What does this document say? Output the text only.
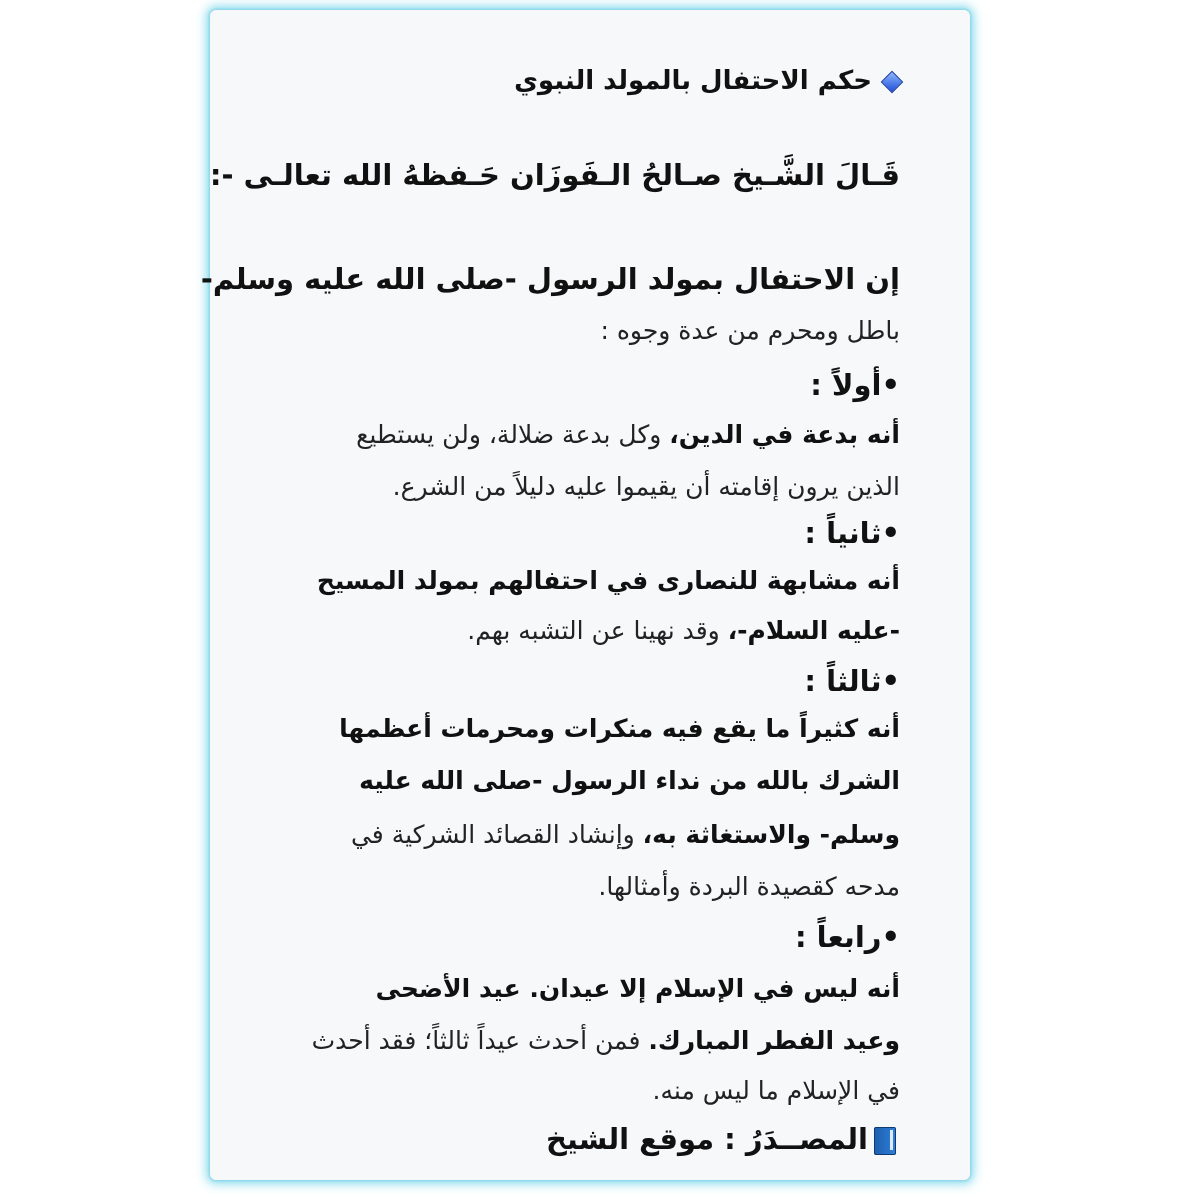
حكم الاحتفال بالمولد النبوي
قَـالَ الشَّـيخ صـالحُ الـفَوزَان حَـفظهُ الله تعالـى -:
إن الاحتفال بمولد الرسول -صلى الله عليه وسلم-
باطل ومحرم من عدة وجوه :
•أولاً :
أنه بدعة في الدين، وكل بدعة ضلالة، ولن يستطيع
الذين يرون إقامته أن يقيموا عليه دليلاً من الشرع.
•ثانياً :
أنه مشابهة للنصارى في احتفالهم بمولد المسيح
-عليه السلام-، وقد نهينا عن التشبه بهم.
•ثالثاً :
أنه كثيراً ما يقع فيه منكرات ومحرمات أعظمها
الشرك بالله من نداء الرسول -صلى الله عليه
وسلم- والاستغاثة به، وإنشاد القصائد الشركية في
مدحه كقصيدة البردة وأمثالها.
•رابعاً :
أنه ليس في الإسلام إلا عيدان. عيد الأضحى
وعيد الفطر المبارك. فمن أحدث عيداً ثالثاً؛ فقد أحدث
في الإسلام ما ليس منه.
المصــدَرُ : موقع الشيخ
